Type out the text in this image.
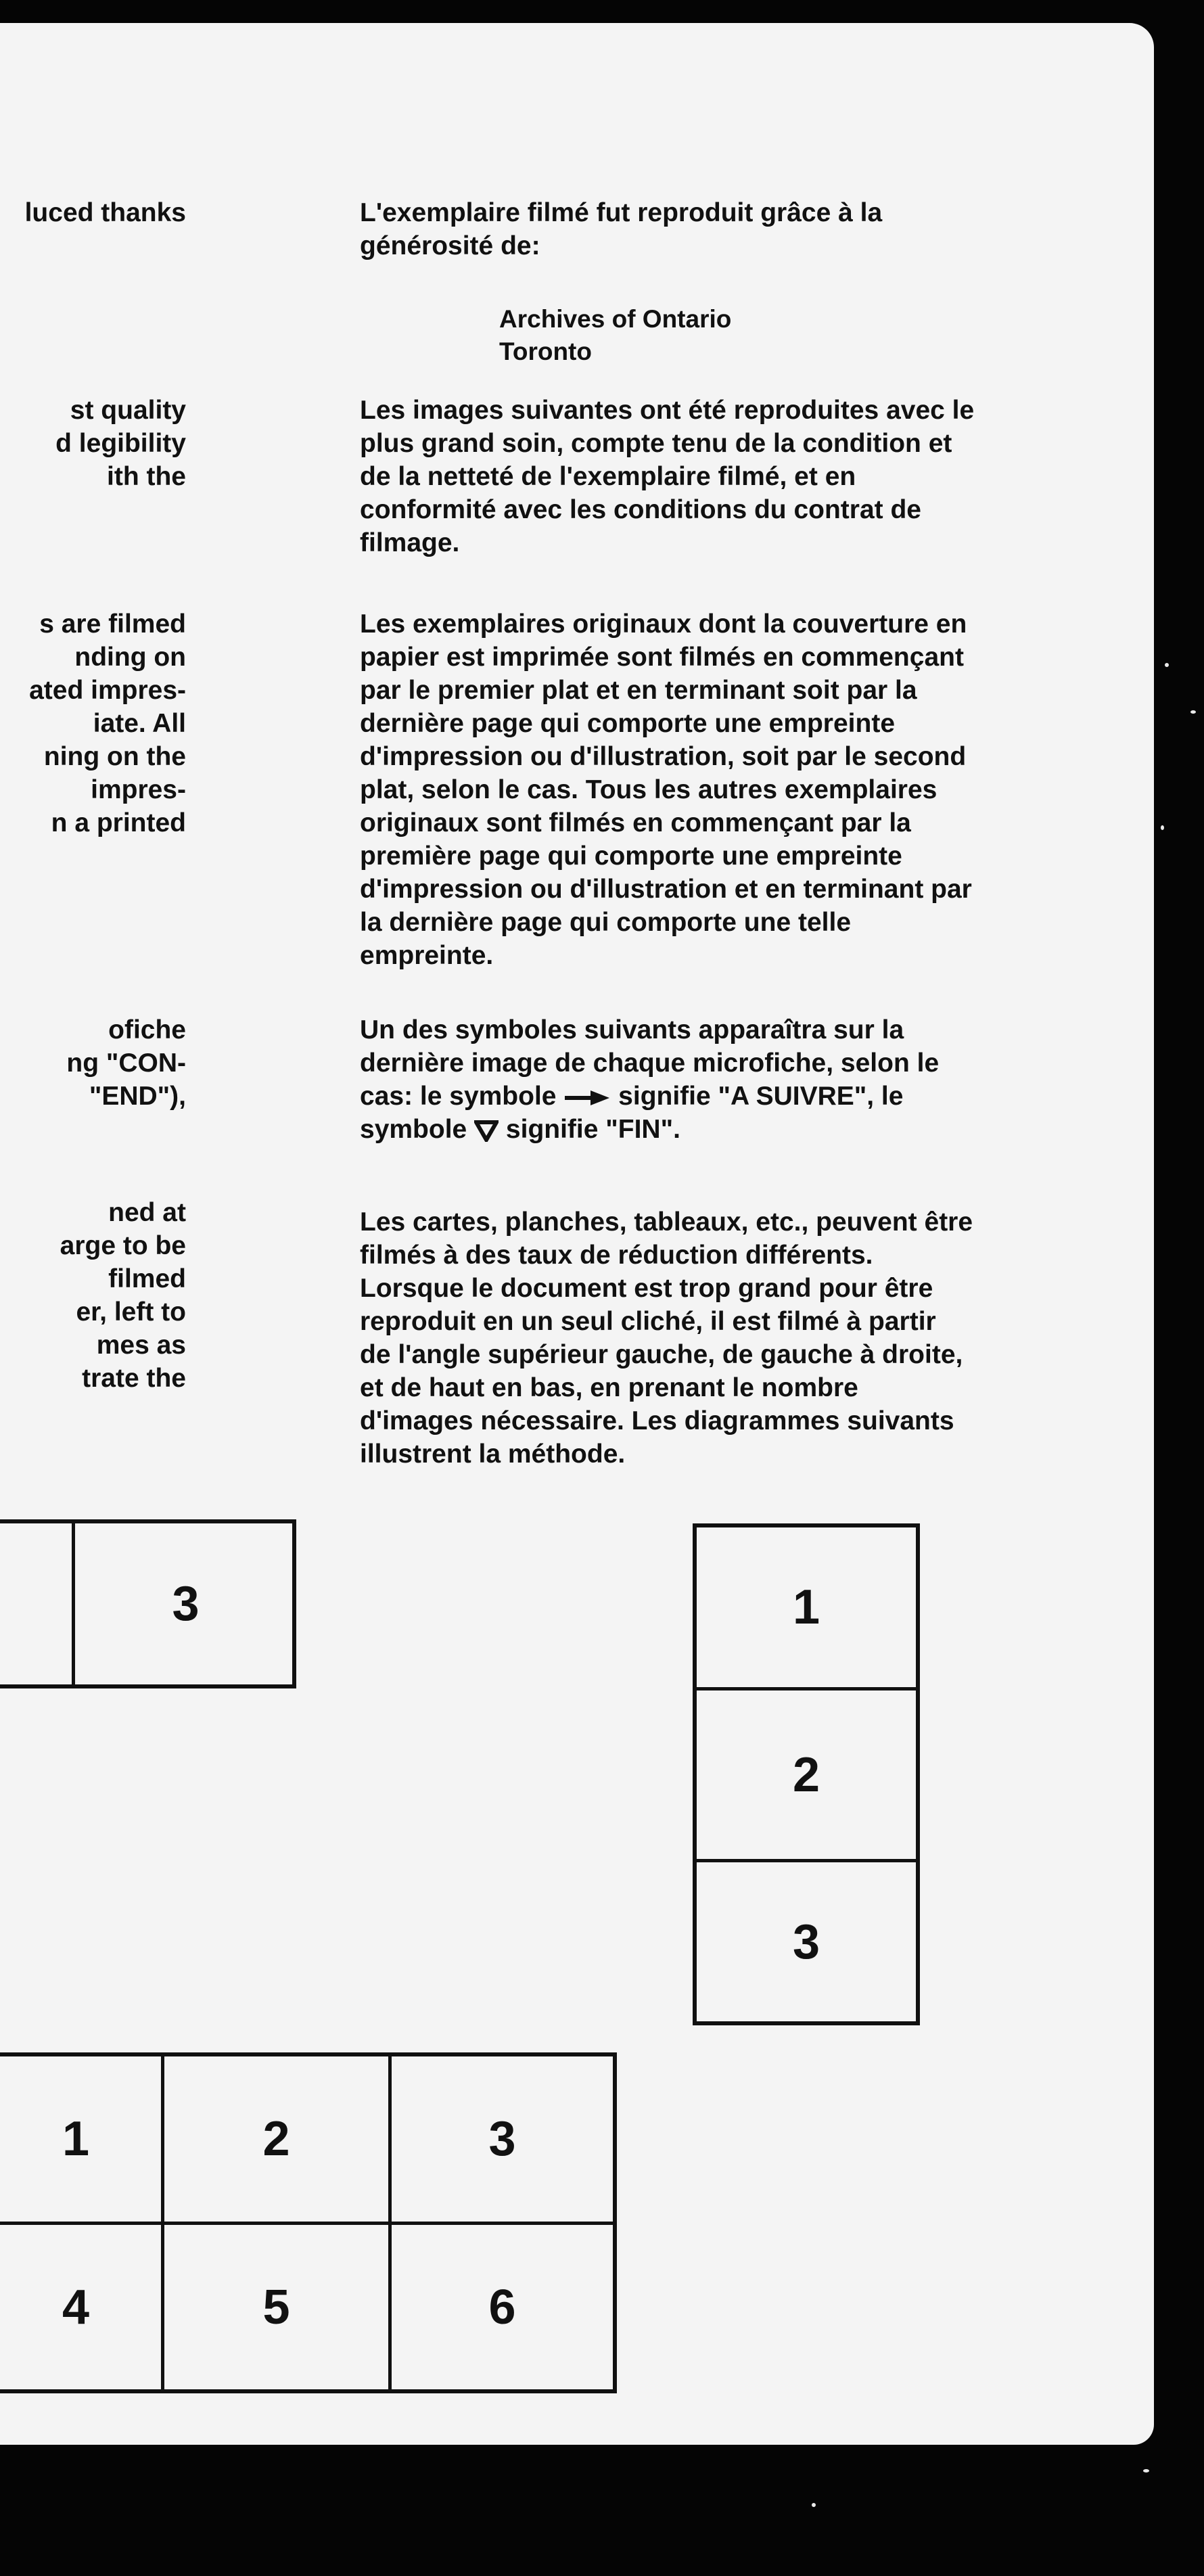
luced thanks

st quality
d legibility
ith the

s are filmed
nding on
ated impres-
iate. All
ning on the
impres-
n a printed

ofiche
ng "CON-
"END"),

ned at
arge to be
filmed
er, left to
mes as
trate the

L'exemplaire filmé fut reproduit grâce à la
générosité de:

Archives of Ontario
Toronto

Les images suivantes ont été reproduites avec le
plus grand soin, compte tenu de la condition et
de la netteté de l'exemplaire filmé, et en
conformité avec les conditions du contrat de
filmage.

Les exemplaires originaux dont la couverture en
papier est imprimée sont filmés en commençant
par le premier plat et en terminant soit par la
dernière page qui comporte une empreinte
d'impression ou d'illustration, soit par le second
plat, selon le cas. Tous les autres exemplaires
originaux sont filmés en commençant par la
première page qui comporte une empreinte
d'impression ou d'illustration et en terminant par
la dernière page qui comporte une telle
empreinte.

Un des symboles suivants apparaîtra sur la
dernière image de chaque microfiche, selon le
cas: le symbole signifie "A SUIVRE", le
symbole signifie "FIN".

Les cartes, planches, tableaux, etc., peuvent être
filmés à des taux de réduction différents.
Lorsque le document est trop grand pour être
reproduit en un seul cliché, il est filmé à partir
de l'angle supérieur gauche, de gauche à droite,
et de haut en bas, en prenant le nombre
d'images nécessaire. Les diagrammes suivants
illustrent la méthode.

3	1
2
3
1	2	3
4	5	6
